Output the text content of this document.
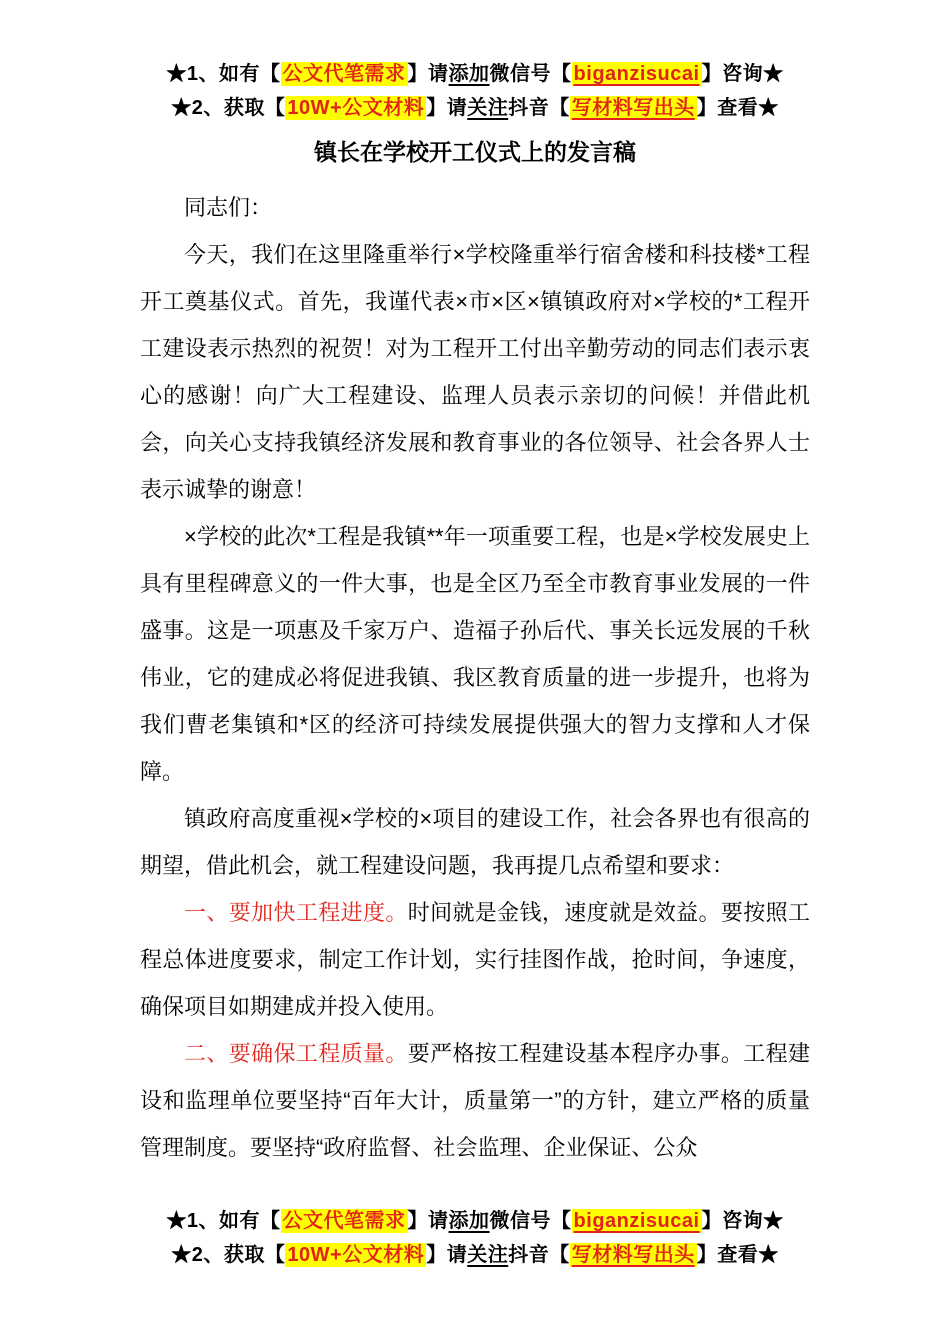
★1、如有【 公文代笔需求 】请添加微信号【 biganzisucai 】咨询★
★2、获取【 10W+公文材料 】请关注抖音【 写材料写出头 】查看★
镇长在学校开工仪式上的发言稿

同志们：

今天，我们在这里隆重举行×学校隆重举行宿舍楼和科技楼*工程开工奠基仪式。首先，我谨代表×市×区×镇镇政府对×学校的*工程开工建设表示热烈的祝贺！对为工程开工付出辛勤劳动的同志们表示衷心的感谢！向广大工程建设、监理人员表示亲切的问候！并借此机会，向关心支持我镇经济发展和教育事业的各位领导、社会各界人士表示诚挚的谢意！

×学校的此次*工程是我镇**年一项重要工程，也是×学校发展史上具有里程碑意义的一件大事，也是全区乃至全市教育事业发展的一件盛事。这是一项惠及千家万户、造福子孙后代、事关长远发展的千秋伟业，它的建成必将促进我镇、我区教育质量的进一步提升，也将为我们曹老集镇和*区的经济可持续发展提供强大的智力支撑和人才保障。

镇政府高度重视×学校的×项目的建设工作，社会各界也有很高的期望，借此机会，就工程建设问题，我再提几点希望和要求：

一、要加快工程进度。时间就是金钱，速度就是效益。要按照工程总体进度要求，制定工作计划，实行挂图作战，抢时间，争速度，确保项目如期建成并投入使用。

二、要确保工程质量。要严格按工程建设基本程序办事。工程建设和监理单位要坚持“百年大计，质量第一”的方针，建立严格的质量管理制度。要坚持“政府监督、社会监理、企业保证、公众

★1、如有【 公文代笔需求 】请添加微信号【 biganzisucai 】咨询★
★2、获取【 10W+公文材料 】请关注抖音【 写材料写出头 】查看★
